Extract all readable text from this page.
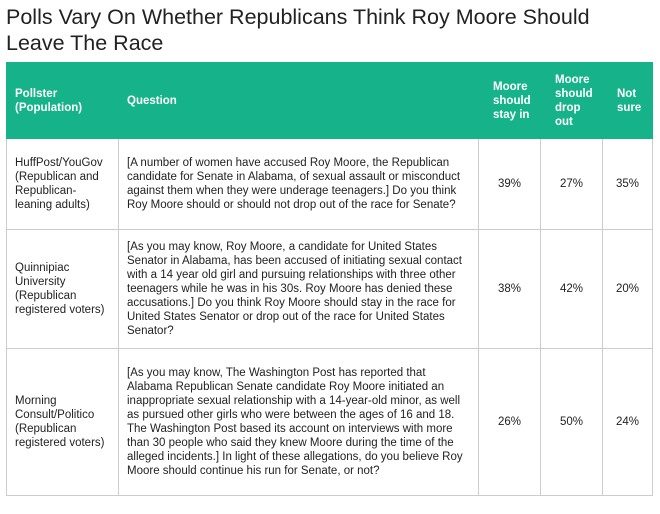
Polls Vary On Whether Republicans Think Roy Moore Should Leave The Race
Pollster (Population)	Question	Moore should stay in	Moore should drop out	Not sure
HuffPost/YouGov (Republican and Republican-leaning adults)	[A number of women have accused Roy Moore, the Republican candidate for Senate in Alabama, of sexual assault or misconduct against them when they were underage teenagers.] Do you think Roy Moore should or should not drop out of the race for Senate?	39%	27%	35%
Quinnipiac University (Republican registered voters)	[As you may know, Roy Moore, a candidate for United States Senator in Alabama, has been accused of initiating sexual contact with a 14 year old girl and pursuing relationships with three other teenagers while he was in his 30s. Roy Moore has denied these accusations.] Do you think Roy Moore should stay in the race for United States Senator or drop out of the race for United States Senator?	38%	42%	20%
Morning Consult/Politico (Republican registered voters)	[As you may know, The Washington Post has reported that Alabama Republican Senate candidate Roy Moore initiated an inappropriate sexual relationship with a 14-year-old minor, as well as pursued other girls who were between the ages of 16 and 18. The Washington Post based its account on interviews with more than 30 people who said they knew Moore during the time of the alleged incidents.] In light of these allegations, do you believe Roy Moore should continue his run for Senate, or not?	26%	50%	24%
